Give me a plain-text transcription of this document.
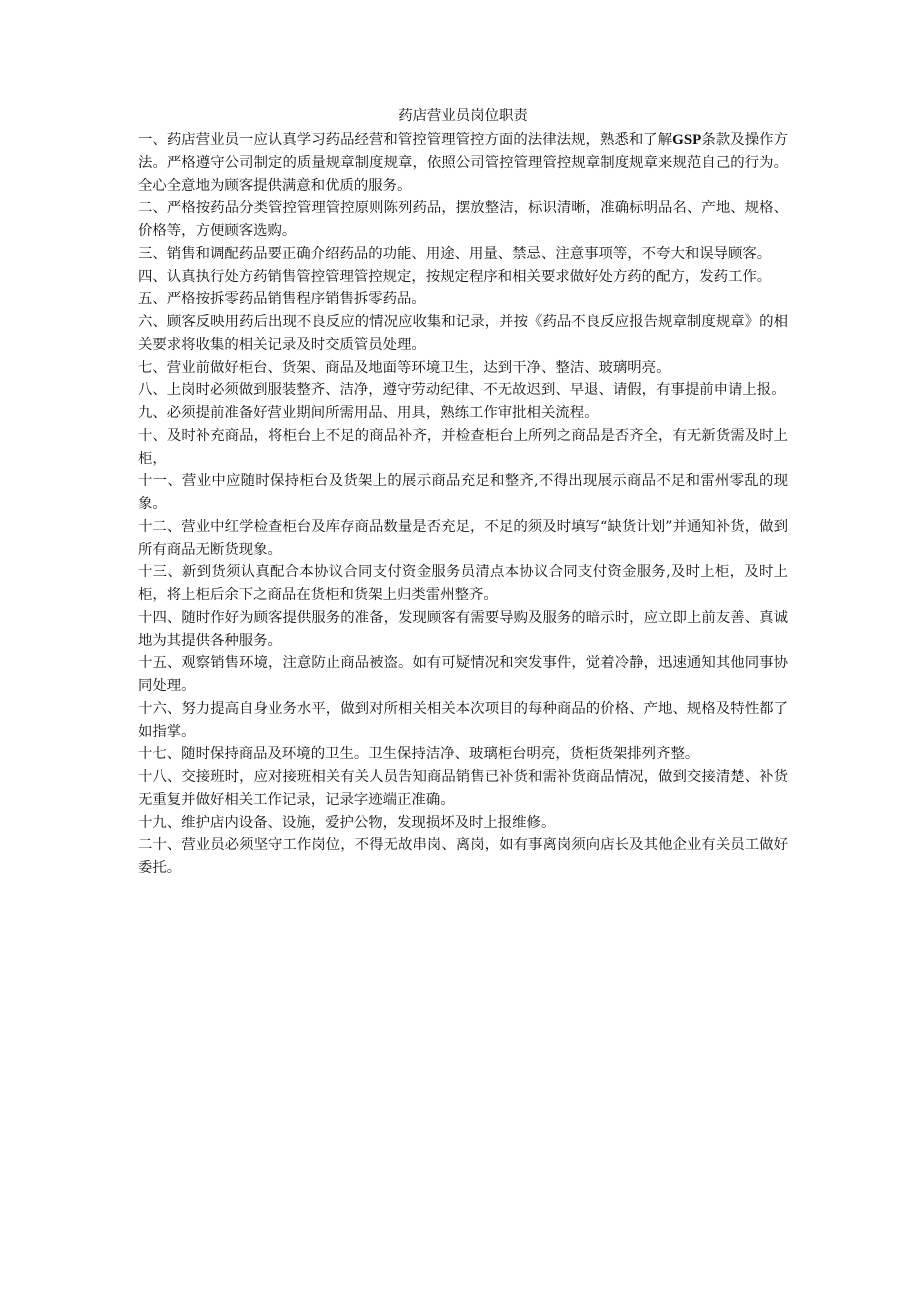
药店营业员岗位职责

一、药店营业员一应认真学习药品经营和管控管理管控方面的法律法规，熟悉和了解GSP条款及操作方法。严格遵守公司制定的质量规章制度规章，依照公司管控管理管控规章制度规章来规范自己的行为。全心全意地为顾客提供满意和优质的服务。

二、严格按药品分类管控管理管控原则陈列药品，摆放整洁，标识清晰，准确标明品名、产地、规格、价格等，方便顾客选购。

三、销售和调配药品要正确介绍药品的功能、用途、用量、禁忌、注意事项等，不夸大和误导顾客。

四、认真执行处方药销售管控管理管控规定，按规定程序和相关要求做好处方药的配方，发药工作。

五、严格按拆零药品销售程序销售拆零药品。

六、顾客反映用药后出现不良反应的情况应收集和记录，并按《药品不良反应报告规章制度规章》的相关要求将收集的相关记录及时交质管员处理。

七、营业前做好柜台、货架、商品及地面等环境卫生，达到干净、整洁、玻璃明亮。

八、上岗时必须做到服装整齐、洁净，遵守劳动纪律、不无故迟到、早退、请假，有事提前申请上报。

九、必须提前准备好营业期间所需用品、用具，熟练工作审批相关流程。

十、及时补充商品，将柜台上不足的商品补齐，并检查柜台上所列之商品是否齐全，有无新货需及时上柜，

十一、营业中应随时保持柜台及货架上的展示商品充足和整齐,不得出现展示商品不足和雷州零乱的现象。

十二、营业中红学检查柜台及库存商品数量是否充足，不足的须及时填写“缺货计划”并通知补货，做到所有商品无断货现象。

十三、新到货须认真配合本协议合同支付资金服务员清点本协议合同支付资金服务,及时上柜，及时上柜，将上柜后余下之商品在货柜和货架上归类雷州整齐。

十四、随时作好为顾客提供服务的准备，发现顾客有需要导购及服务的暗示时，应立即上前友善、真诚地为其提供各种服务。

十五、观察销售环境，注意防止商品被盗。如有可疑情况和突发事件，觉着冷静，迅速通知其他同事协同处理。

十六、努力提高自身业务水平，做到对所相关相关本次项目的每种商品的价格、产地、规格及特性都了如指掌。

十七、随时保持商品及环境的卫生。卫生保持洁净、玻璃柜台明亮，货柜货架排列齐整。

十八、交接班时，应对接班相关有关人员告知商品销售已补货和需补货商品情况，做到交接清楚、补货无重复并做好相关工作记录，记录字迹端正准确。

十九、维护店内设备、设施，爱护公物，发现损坏及时上报维修。

二十、营业员必须坚守工作岗位，不得无故串岗、离岗，如有事离岗须向店长及其他企业有关员工做好委托。
